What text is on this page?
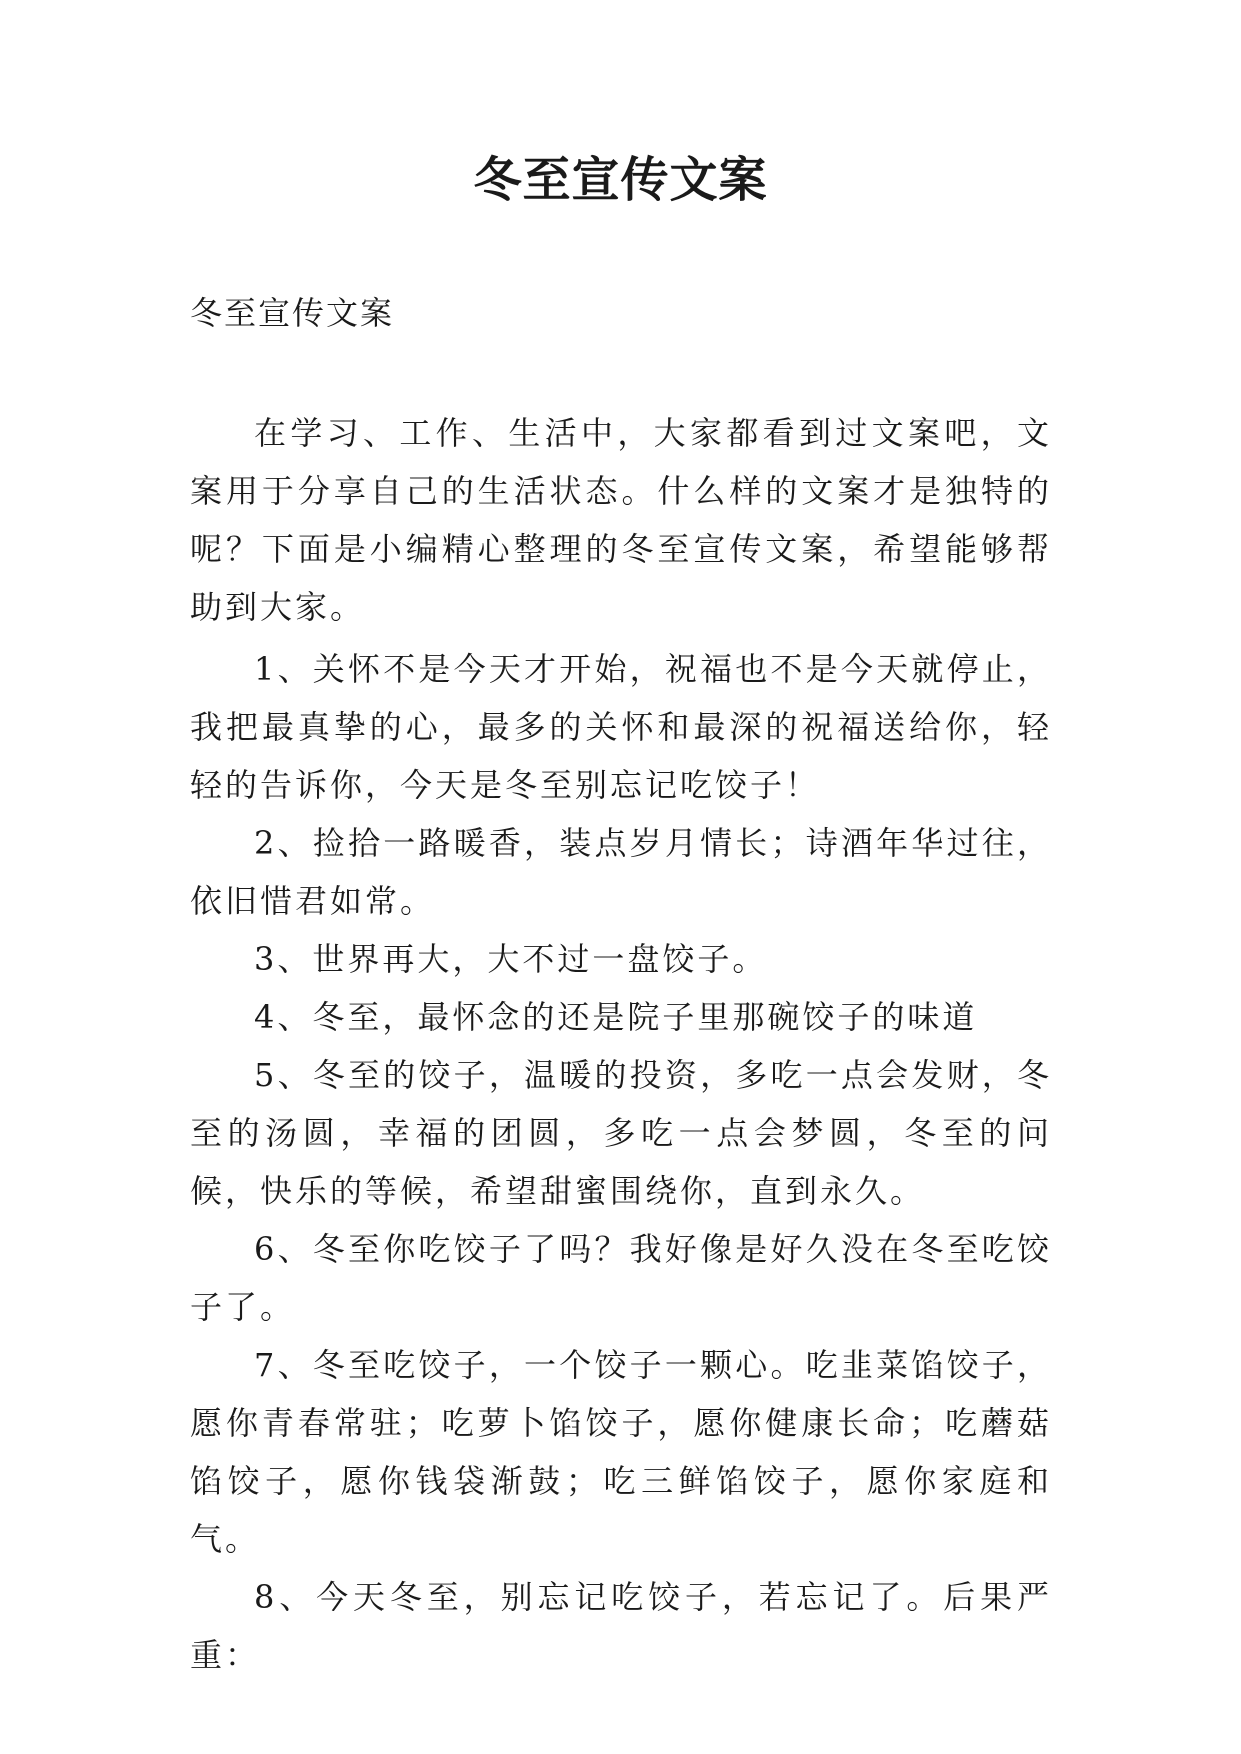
冬至宣传文案
冬至宣传文案

在学习、工作、生活中，大家都看到过文案吧，文案用于分享自己的生活状态。什么样的文案才是独特的呢？下面是小编精心整理的冬至宣传文案，希望能够帮助到大家。

1、关怀不是今天才开始，祝福也不是今天就停止，我把最真挚的心，最多的关怀和最深的祝福送给你，轻轻的告诉你，今天是冬至别忘记吃饺子！

2、捡拾一路暖香，装点岁月情长；诗酒年华过往，依旧惜君如常。

3、世界再大，大不过一盘饺子。

4、冬至，最怀念的还是院子里那碗饺子的味道

5、冬至的饺子，温暖的投资，多吃一点会发财，冬至的汤圆，幸福的团圆，多吃一点会梦圆，冬至的问候，快乐的等候，希望甜蜜围绕你，直到永久。

6、冬至你吃饺子了吗？我好像是好久没在冬至吃饺子了。

7、冬至吃饺子，一个饺子一颗心。吃韭菜馅饺子，愿你青春常驻；吃萝卜馅饺子，愿你健康长命；吃蘑菇馅饺子，愿你钱袋渐鼓；吃三鲜馅饺子，愿你家庭和气。

8、今天冬至，别忘记吃饺子，若忘记了。后果严重：
